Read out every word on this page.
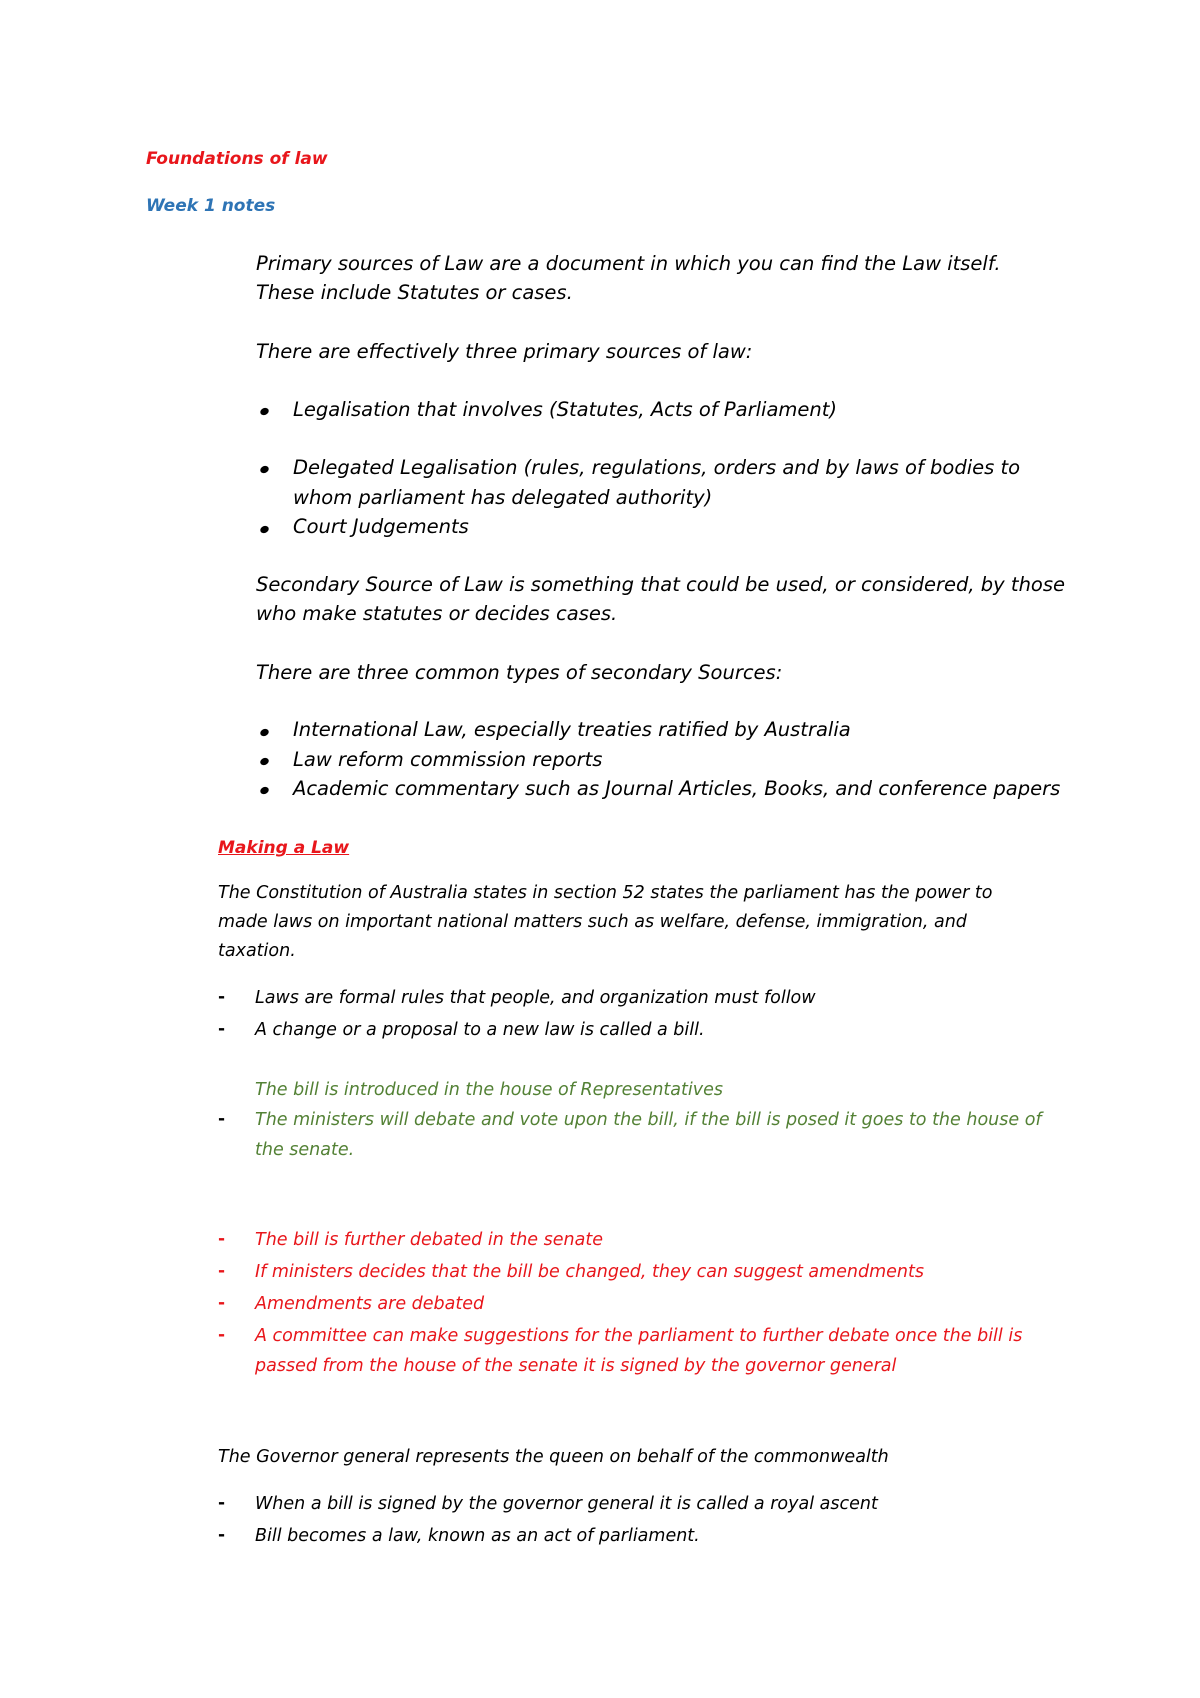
Foundations of law
Week 1 notes
Primary sources of Law are a document in which you can find the Law itself.
These include Statutes or cases.
There are effectively three primary sources of law:
Legalisation that involves (Statutes, Acts of Parliament)
Delegated Legalisation (rules, regulations, orders and by laws of bodies to
whom parliament has delegated authority)
Court Judgements
Secondary Source of Law is something that could be used, or considered, by those
who make statutes or decides cases.
There are three common types of secondary Sources:
International Law, especially treaties ratified by Australia
Law reform commission reports
Academic commentary such as Journal Articles, Books, and conference papers
Making a Law
The Constitution of Australia states in section 52 states the parliament has the power to
made laws on important national matters such as welfare, defense, immigration, and
taxation.
- Laws are formal rules that people, and organization must follow
- A change or a proposal to a new law is called a bill.
The bill is introduced in the house of Representatives
- The ministers will debate and vote upon the bill, if the bill is posed it goes to the house of
the senate.
- The bill is further debated in the senate
- If ministers decides that the bill be changed, they can suggest amendments
- Amendments are debated
- A committee can make suggestions for the parliament to further debate once the bill is
passed from the house of the senate it is signed by the governor general
The Governor general represents the queen on behalf of the commonwealth
- When a bill is signed by the governor general it is called a royal ascent
- Bill becomes a law, known as an act of parliament.
